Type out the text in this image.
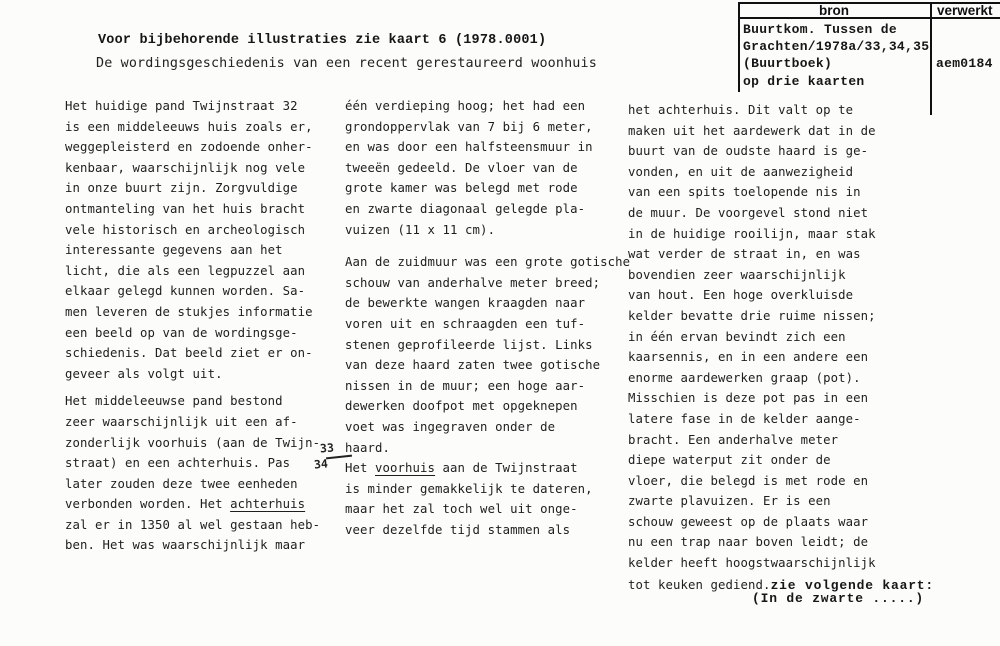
bron	verwerkt
Buurtkom. Tussen de
Grachten/1978a/33,34,35
(Buurtboek)
op drie kaarten
aem0184
Voor bijbehorende illustraties zie kaart 6 (1978.0001)
De wordingsgeschiedenis van een recent gerestaureerd woonhuis

Het huidige pand Twijnstraat 32
is een middeleeuws huis zoals er,
weggepleisterd en zodoende onher-
kenbaar, waarschijnlijk nog vele
in onze buurt zijn. Zorgvuldige
ontmanteling van het huis bracht
vele historisch en archeologisch
interessante gegevens aan het
licht, die als een legpuzzel aan
elkaar gelegd kunnen worden. Sa-
men leveren de stukjes informatie
een beeld op van de wordingsge-
schiedenis. Dat beeld ziet er on-
geveer als volgt uit.

Het middeleeuwse pand bestond
zeer waarschijnlijk uit een af-
zonderlijk voorhuis (aan de Twijn-
straat) en een achterhuis. Pas
later zouden deze twee eenheden
verbonden worden. Het achterhuis
zal er in 1350 al wel gestaan heb-
ben. Het was waarschijnlijk maar

één verdieping hoog; het had een
grondoppervlak van 7 bij 6 meter,
en was door een halfsteensmuur in
tweeën gedeeld. De vloer van de
grote kamer was belegd met rode
en zwarte diagonaal gelegde pla-
vuizen (11 x 11 cm).

Aan de zuidmuur was een grote gotische
schouw van anderhalve meter breed;
de bewerkte wangen kraagden naar
voren uit en schraagden een tuf-
stenen geprofileerde lijst. Links
van deze haard zaten twee gotische
nissen in de muur; een hoge aar-
dewerken doofpot met opgeknepen
voet was ingegraven onder de
haard.
Het voorhuis aan de Twijnstraat
is minder gemakkelijk te dateren,
maar het zal toch wel uit onge-
veer dezelfde tijd stammen als

33
34

het achterhuis. Dit valt op te
maken uit het aardewerk dat in de
buurt van de oudste haard is ge-
vonden, en uit de aanwezigheid
van een spits toelopende nis in
de muur. De voorgevel stond niet
in de huidige rooilijn, maar stak
wat verder de straat in, en was
bovendien zeer waarschijnlijk
van hout. Een hoge overkluisde
kelder bevatte drie ruime nissen;
in één ervan bevindt zich een
kaarsennis, en in een andere een
enorme aardewerken graap (pot).
Misschien is deze pot pas in een
latere fase in de kelder aange-
bracht. Een anderhalve meter
diepe waterput zit onder de
vloer, die belegd is met rode en
zwarte plavuizen. Er is een
schouw geweest op de plaats waar
nu een trap naar boven leidt; de
kelder heeft hoogstwaarschijnlijk

tot keuken gediend.zie volgende kaart:
(In de zwarte .....)
